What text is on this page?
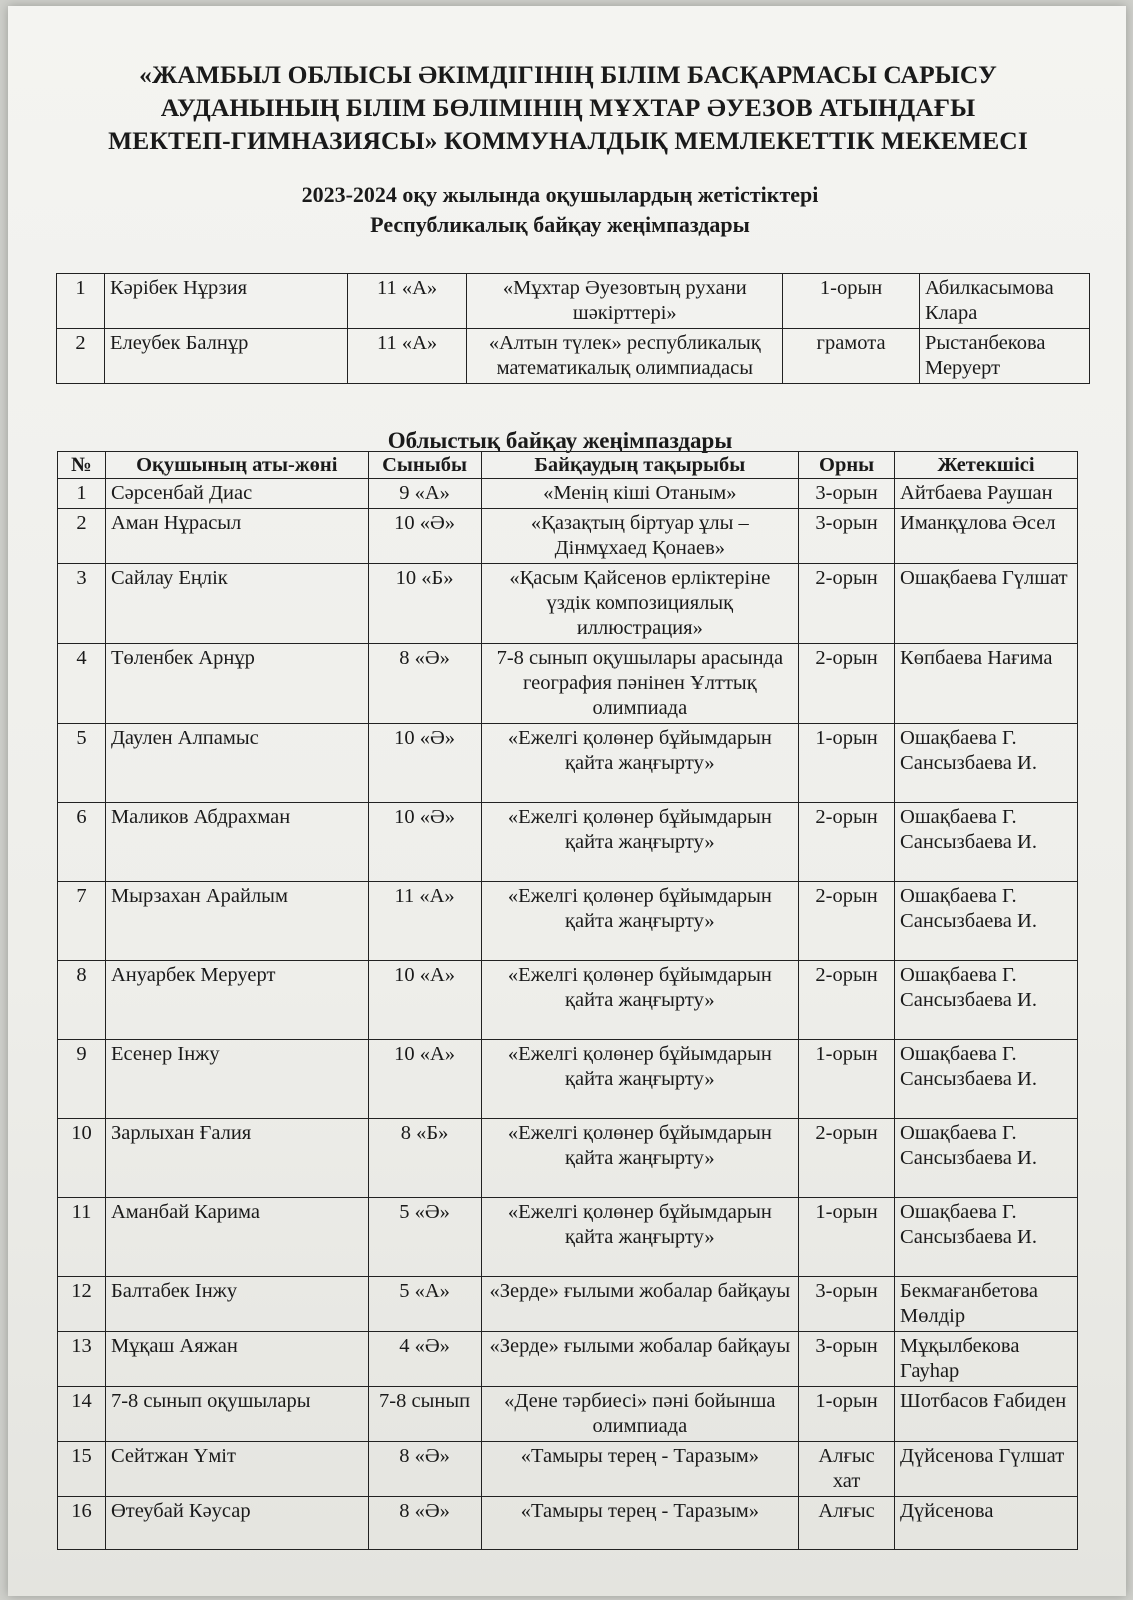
«ЖАМБЫЛ ОБЛЫСЫ ӘКІМДІГІНІҢ БІЛІМ БАСҚАРМАСЫ САРЫСУ
АУДАНЫНЫҢ БІЛІМ БӨЛІМІНІҢ МҰХТАР ӘУЕЗОВ АТЫНДАҒЫ
МЕКТЕП-ГИМНАЗИЯСЫ» КОММУНАЛДЫҚ МЕМЛЕКЕТТІК МЕКЕМЕСІ
2023-2024 оқу жылында оқушылардың жетістіктері
Республикалық байқау жеңімпаздары
1	Кәрібек Нұрзия	11 «А»	«Мұхтар Әуезовтың рухани шәкірттері»	1-орын	Абилкасымова Клара
2	Елеубек Балнұр	11 «А»	«Алтын түлек» республикалық математикалық олимпиадасы	грамота	Рыстанбекова Меруерт
Облыстық байқау жеңімпаздары
№	Оқушының аты-жөні	Сыныбы	Байқаудың тақырыбы	Орны	Жетекшісі
1	Сәрсенбай Диас	9 «А»	«Менің кіші Отаным»	3-орын	Айтбаева Раушан
2	Аман Нұрасыл	10 «Ә»	«Қазақтың біртуар ұлы – Дінмұхаед Қонаев»	3-орын	Иманқұлова Әсел
3	Сайлау Еңлік	10 «Б»	«Қасым Қайсенов ерліктеріне үздік композициялық иллюстрация»	2-орын	Ошақбаева Гүлшат
4	Төленбек Арнұр	8 «Ә»	7-8 сынып оқушылары арасында география пәнінен Ұлттық олимпиада	2-орын	Көпбаева Нағима
5	Даулен Алпамыс	10 «Ә»	«Ежелгі қолөнер бұйымдарын қайта жаңғырту»	1-орын	Ошақбаева Г. Сансызбаева И.
6	Маликов Абдрахман	10 «Ә»	«Ежелгі қолөнер бұйымдарын қайта жаңғырту»	2-орын	Ошақбаева Г. Сансызбаева И.
7	Мырзахан Арайлым	11 «А»	«Ежелгі қолөнер бұйымдарын қайта жаңғырту»	2-орын	Ошақбаева Г. Сансызбаева И.
8	Ануарбек Меруерт	10 «А»	«Ежелгі қолөнер бұйымдарын қайта жаңғырту»	2-орын	Ошақбаева Г. Сансызбаева И.
9	Есенер Інжу	10 «А»	«Ежелгі қолөнер бұйымдарын қайта жаңғырту»	1-орын	Ошақбаева Г. Сансызбаева И.
10	Зарлыхан Ғалия	8 «Б»	«Ежелгі қолөнер бұйымдарын қайта жаңғырту»	2-орын	Ошақбаева Г. Сансызбаева И.
11	Аманбай Карима	5 «Ә»	«Ежелгі қолөнер бұйымдарын қайта жаңғырту»	1-орын	Ошақбаева Г. Сансызбаева И.
12	Балтабек Інжу	5 «А»	«Зерде» ғылыми жобалар байқауы	3-орын	Бекмағанбетова Мөлдір
13	Мұқаш Аяжан	4 «Ә»	«Зерде» ғылыми жобалар байқауы	3-орын	Мұқылбекова Гауһар
14	7-8 сынып оқушылары	7-8 сынып	«Дене тәрбиесі» пәні бойынша олимпиада	1-орын	Шотбасов Ғабиден
15	Сейтжан Үміт	8 «Ә»	«Тамыры терең - Таразым»	Алғыс хат	Дүйсенова Гүлшат
16	Өтеубай Кәусар	8 «Ә»	«Тамыры терең - Таразым»	Алғыс	Дүйсенова
